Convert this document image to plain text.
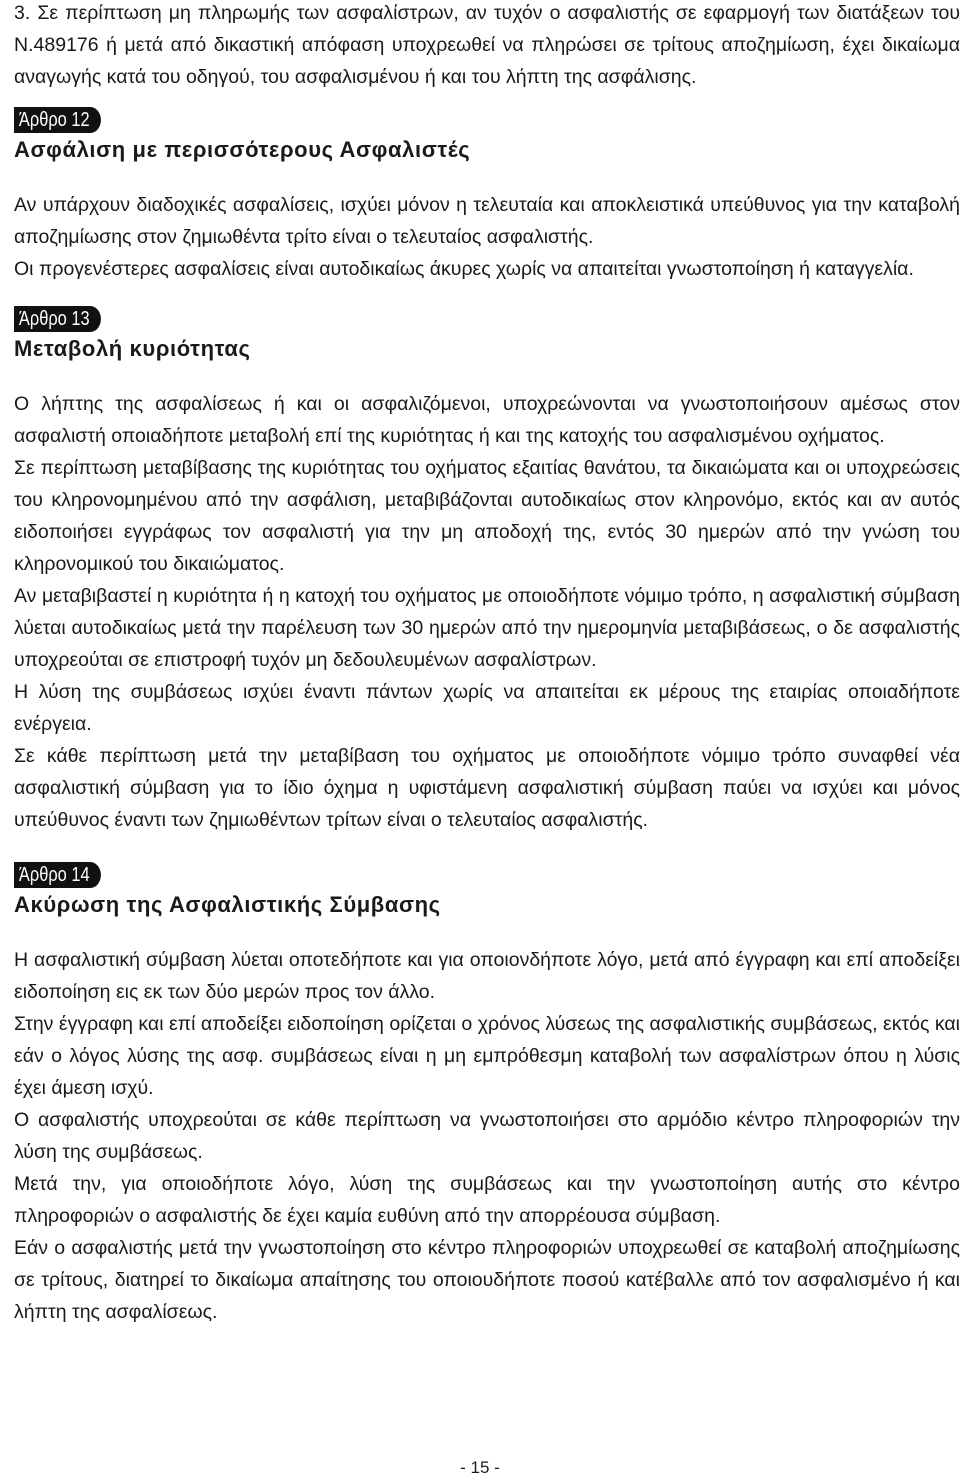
3. Σε περίπτωση μη πληρωμής των ασφαλίστρων, αν τυχόν ο ασφαλιστής σε εφαρμογή των διατάξεων του Ν.489176 ή μετά από δικαστική απόφαση υποχρεωθεί να πληρώσει σε τρίτους αποζημίωση, έχει δικαίωμα αναγωγής κατά του οδηγού, του ασφαλισμένου ή και του λήπτη της ασφάλισης.

Άρθρο 12
Ασφάλιση με περισσότερους Ασφαλιστές

Αν υπάρχουν διαδοχικές ασφαλίσεις, ισχύει μόνον η τελευταία και αποκλειστικά υπεύθυνος για την καταβολή αποζημίωσης στον ζημιωθέντα τρίτο είναι ο τελευταίος ασφαλιστής.

Οι προγενέστερες ασφαλίσεις είναι αυτοδικαίως άκυρες χωρίς να απαιτείται γνωστοποίηση ή καταγγελία.

Άρθρο 13
Μεταβολή κυριότητας

Ο λήπτης της ασφαλίσεως ή και οι ασφαλιζόμενοι, υποχρεώνονται να γνωστοποιήσουν αμέσως στον ασφαλιστή οποιαδήποτε μεταβολή επί της κυριότητας ή και της κατοχής του ασφαλισμένου οχήματος.

Σε περίπτωση μεταβίβασης της κυριότητας του οχήματος εξαιτίας θανάτου, τα δικαιώματα και οι υποχρεώσεις του κληρονομημένου από την ασφάλιση, μεταβιβάζονται αυτοδικαίως στον κληρονόμο, εκτός και αν αυτός ειδοποιήσει εγγράφως τον ασφαλιστή για την μη αποδοχή της, εντός 30 ημερών από την γνώση του κληρονομικού του δικαιώματος.

Αν μεταβιβαστεί η κυριότητα ή η κατοχή του οχήματος με οποιοδήποτε νόμιμο τρόπο, η ασφαλιστική σύμβαση λύεται αυτοδικαίως μετά την παρέλευση των 30 ημερών από την ημερομηνία μεταβιβάσεως, ο δε ασφαλιστής υποχρεούται σε επιστροφή τυχόν μη δεδουλευμένων ασφαλίστρων.

Η λύση της συμβάσεως ισχύει έναντι πάντων χωρίς να απαιτείται εκ μέρους της εταιρίας οποιαδήποτε ενέργεια.

Σε κάθε περίπτωση μετά την μεταβίβαση του οχήματος με οποιοδήποτε νόμιμο τρόπο συναφθεί νέα ασφαλιστική σύμβαση για το ίδιο όχημα η υφιστάμενη ασφαλιστική σύμβαση παύει να ισχύει και μόνος υπεύθυνος έναντι των ζημιωθέντων τρίτων είναι ο τελευταίος ασφαλιστής.

Άρθρο 14
Ακύρωση της Ασφαλιστικής Σύμβασης

Η ασφαλιστική σύμβαση λύεται οποτεδήποτε και για οποιονδήποτε λόγο, μετά από έγγραφη και επί αποδείξει ειδοποίηση εις εκ των δύο μερών προς τον άλλο.

Στην έγγραφη και επί αποδείξει ειδοποίηση ορίζεται ο χρόνος λύσεως της ασφαλιστικής συμβάσεως, εκτός και εάν ο λόγος λύσης της ασφ. συμβάσεως είναι η μη εμπρόθεσμη καταβολή των ασφαλίστρων όπου η λύσις έχει άμεση ισχύ.

Ο ασφαλιστής υποχρεούται σε κάθε περίπτωση να γνωστοποιήσει στο αρμόδιο κέντρο πληροφοριών την λύση της συμβάσεως.

Μετά την, για οποιοδήποτε λόγο, λύση της συμβάσεως και την γνωστοποίηση αυτής στο κέντρο πληροφοριών ο ασφαλιστής δε έχει καμία ευθύνη από την απορρέουσα σύμβαση.

Εάν ο ασφαλιστής μετά την γνωστοποίηση στο κέντρο πληροφοριών υποχρεωθεί σε καταβολή αποζημίωσης σε τρίτους, διατηρεί το δικαίωμα απαίτησης του οποιουδήποτε ποσού κατέβαλλε από τον ασφαλισμένο ή και λήπτη της ασφαλίσεως.

- 15 -
